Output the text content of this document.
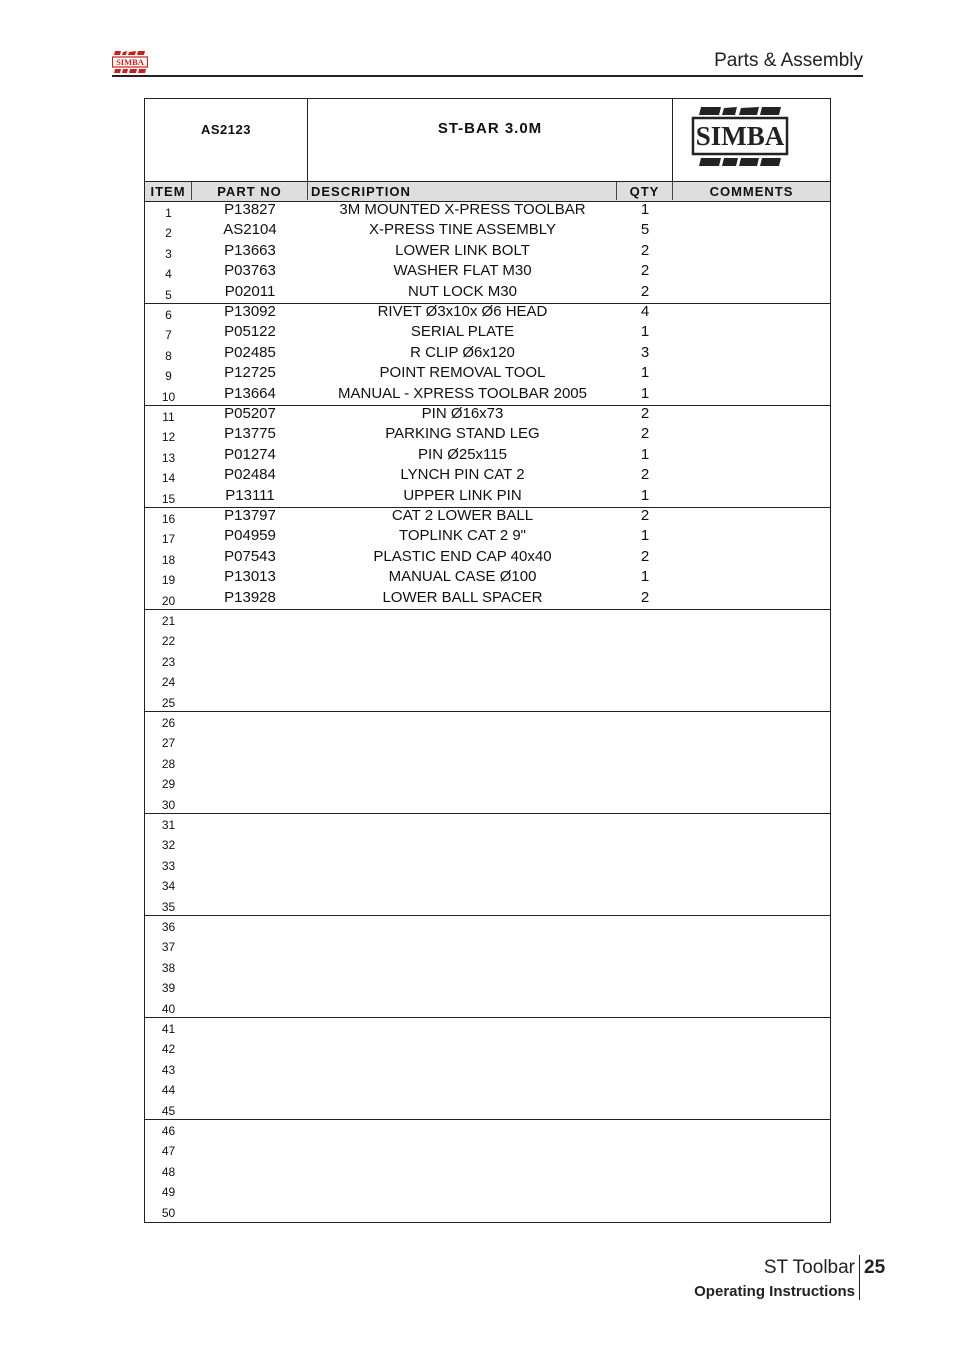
SIMBA	Parts & Assembly
AS2123	ST-BAR 3.0M	SIMBA
ITEM	PART NO	DESCRIPTION	QTY	COMMENTS
1	P13827	3M MOUNTED X-PRESS TOOLBAR	1
2	AS2104	X-PRESS TINE ASSEMBLY	5
3	P13663	LOWER LINK BOLT	2
4	P03763	WASHER FLAT M30	2
5	P02011	NUT LOCK M30	2
6	P13092	RIVET Ø3x10x Ø6 HEAD	4
7	P05122	SERIAL PLATE	1
8	P02485	R CLIP Ø6x120	3
9	P12725	POINT REMOVAL TOOL	1
10	P13664	MANUAL - XPRESS TOOLBAR 2005	1
11	P05207	PIN Ø16x73	2
12	P13775	PARKING STAND LEG	2
13	P01274	PIN Ø25x115	1
14	P02484	LYNCH PIN CAT 2	2
15	P13111	UPPER LINK PIN	1
16	P13797	CAT 2 LOWER BALL	2
17	P04959	TOPLINK CAT 2 9"	1
18	P07543	PLASTIC END CAP 40x40	2
19	P13013	MANUAL CASE Ø100	1
20	P13928	LOWER BALL SPACER	2
21
22
23
24
25
26
27
28
29
30
31
32
33
34
35
36
37
38
39
40
41
42
43
44
45
46
47
48
49
50
ST Toolbar
Operating Instructions
25
